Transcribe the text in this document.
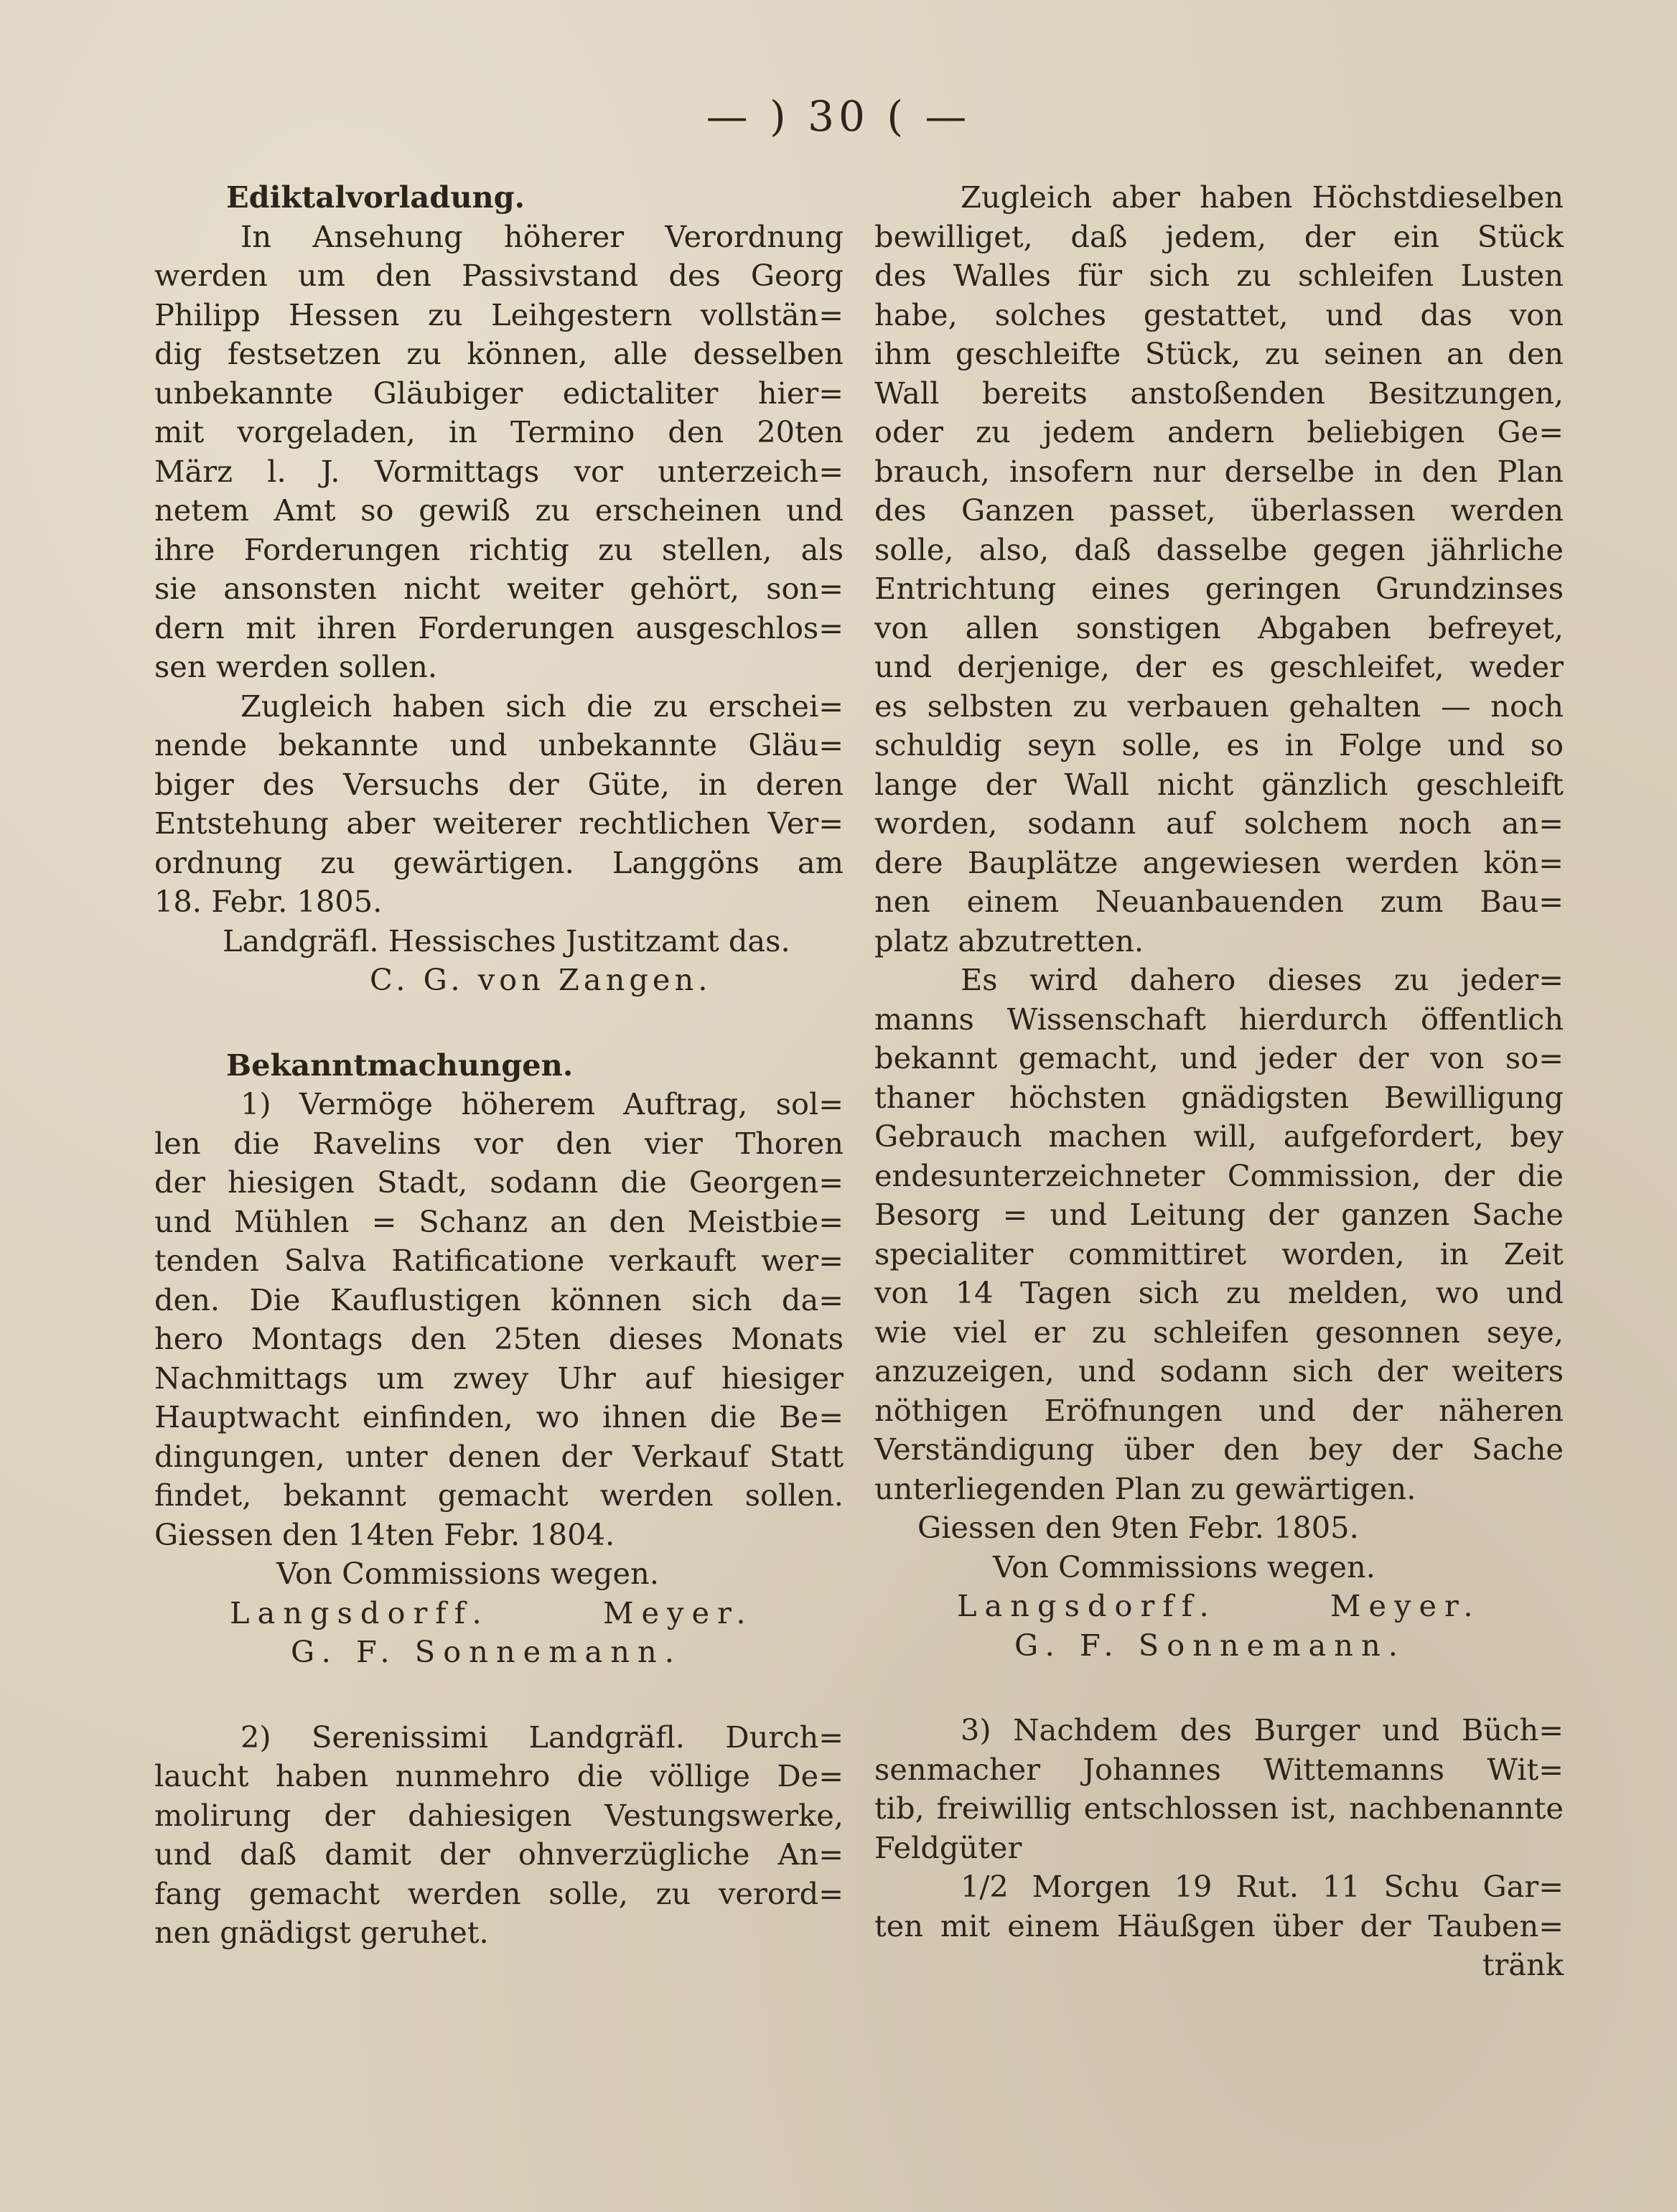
— ) 30 ( —
Ediktalvorladung.
In Ansehung höherer Verordnung
werden um den Passivstand des Georg
Philipp Hessen zu Leihgestern vollstän=
dig festsetzen zu können, alle desselben
unbekannte Gläubiger edictaliter hier=
mit vorgeladen, in Termino den 20ten
März l. J. Vormittags vor unterzeich=
netem Amt so gewiß zu erscheinen und
ihre Forderungen richtig zu stellen, als
sie ansonsten nicht weiter gehört, son=
dern mit ihren Forderungen ausgeschlos=
sen werden sollen.
Zugleich haben sich die zu erschei=
nende bekannte und unbekannte Gläu=
biger des Versuchs der Güte, in deren
Entstehung aber weiterer rechtlichen Ver=
ordnung zu gewärtigen. Langgöns am
18. Febr. 1805.
Landgräfl. Hessisches Justitzamt das.
C. G. von Zangen.
Bekanntmachungen.
1) Vermöge höherem Auftrag, sol=
len die Ravelins vor den vier Thoren
der hiesigen Stadt, sodann die Georgen=
und Mühlen = Schanz an den Meistbie=
tenden Salva Ratificatione verkauft wer=
den. Die Kauflustigen können sich da=
hero Montags den 25ten dieses Monats
Nachmittags um zwey Uhr auf hiesiger
Hauptwacht einfinden, wo ihnen die Be=
dingungen, unter denen der Verkauf Statt
findet, bekannt gemacht werden sollen.
Giessen den 14ten Febr. 1804.
Von Commissions wegen.
Langsdorff.	Meyer.
G. F. Sonnemann.
2) Serenissimi Landgräfl. Durch=
laucht haben nunmehro die völlige De=
molirung der dahiesigen Vestungswerke,
und daß damit der ohnverzügliche An=
fang gemacht werden solle, zu verord=
nen gnädigst geruhet.
Zugleich aber haben Höchstdieselben
bewilliget, daß jedem, der ein Stück
des Walles für sich zu schleifen Lusten
habe, solches gestattet, und das von
ihm geschleifte Stück, zu seinen an den
Wall bereits anstoßenden Besitzungen,
oder zu jedem andern beliebigen Ge=
brauch, insofern nur derselbe in den Plan
des Ganzen passet, überlassen werden
solle, also, daß dasselbe gegen jährliche
Entrichtung eines geringen Grundzinses
von allen sonstigen Abgaben befreyet,
und derjenige, der es geschleifet, weder
es selbsten zu verbauen gehalten — noch
schuldig seyn solle, es in Folge und so
lange der Wall nicht gänzlich geschleift
worden, sodann auf solchem noch an=
dere Bauplätze angewiesen werden kön=
nen einem Neuanbauenden zum Bau=
platz abzutretten.
Es wird dahero dieses zu jeder=
manns Wissenschaft hierdurch öffentlich
bekannt gemacht, und jeder der von so=
thaner höchsten gnädigsten Bewilligung
Gebrauch machen will, aufgefordert, bey
endesunterzeichneter Commission, der die
Besorg = und Leitung der ganzen Sache
specialiter committiret worden, in Zeit
von 14 Tagen sich zu melden, wo und
wie viel er zu schleifen gesonnen seye,
anzuzeigen, und sodann sich der weiters
nöthigen Eröfnungen und der näheren
Verständigung über den bey der Sache
unterliegenden Plan zu gewärtigen.
Giessen den 9ten Febr. 1805.
Von Commissions wegen.
Langsdorff.	Meyer.
G. F. Sonnemann.
3) Nachdem des Burger und Büch=
senmacher Johannes Wittemanns Wit=
tib, freiwillig entschlossen ist, nachbenannte
Feldgüter
1/2 Morgen 19 Rut. 11 Schu Gar=
ten mit einem Häußgen über der Tauben=
tränk
